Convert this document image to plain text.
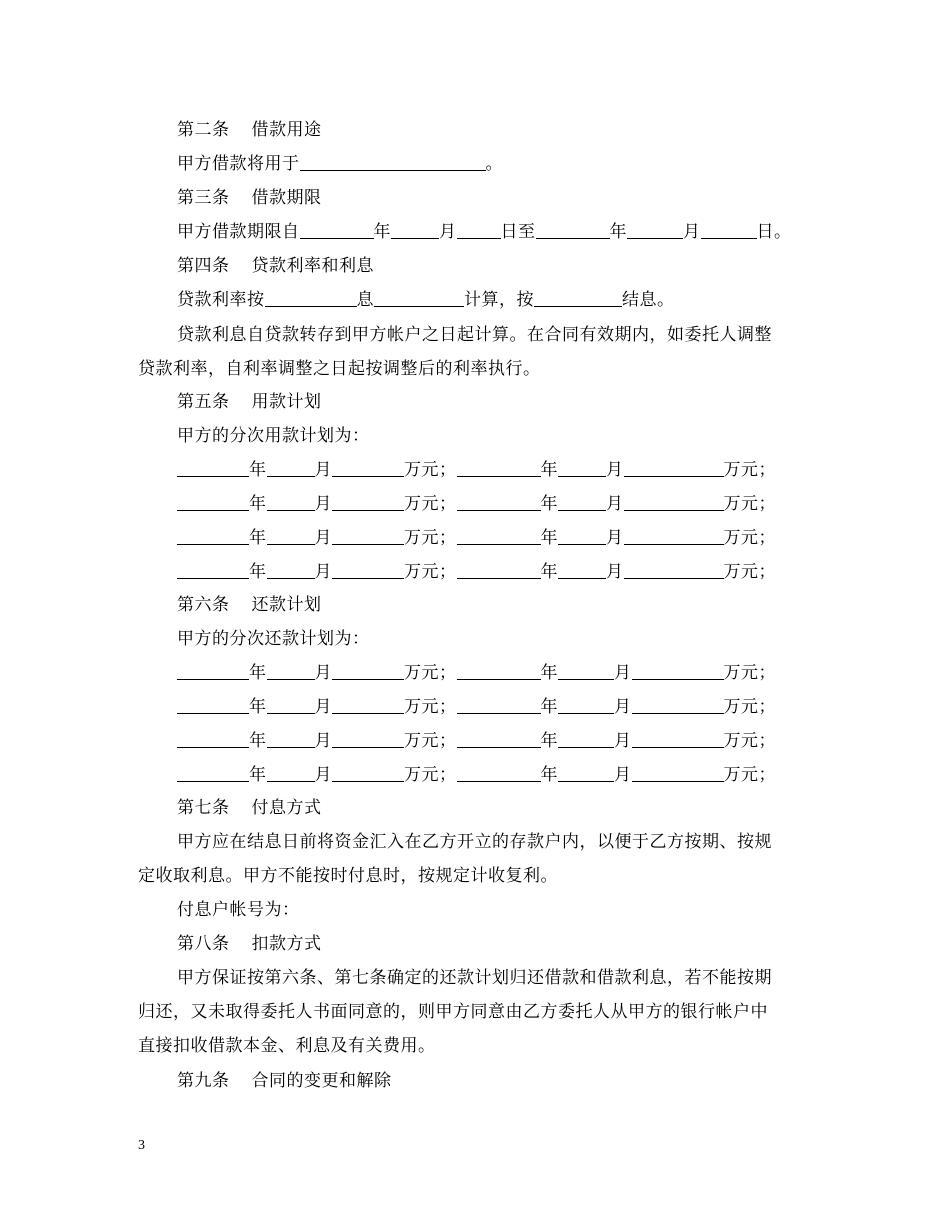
第二条 借款用途
甲方借款将用于	。
第三条 借款期限
甲方借款期限自	年	月	日至	年	月	日。
第四条 贷款利率和利息
贷款利率按	息	计算，按	结息。
贷款利息自贷款转存到甲方帐户之日起计算。在合同有效期内，如委托人调整
贷款利率，自利率调整之日起按调整后的利率执行。
第五条 用款计划
甲方的分次用款计划为：
年	月	万元；	年	月	万元；
年	月	万元；	年	月	万元；
年	月	万元；	年	月	万元；
年	月	万元；	年	月	万元；
第六条 还款计划
甲方的分次还款计划为：
年	月	万元；	年	月	万元；
年	月	万元；	年	月	万元；
年	月	万元；	年	月	万元；
年	月	万元；	年	月	万元；
第七条 付息方式
甲方应在结息日前将资金汇入在乙方开立的存款户内，以便于乙方按期、按规
定收取利息。甲方不能按时付息时，按规定计收复利。
付息户帐号为：
第八条 扣款方式
甲方保证按第六条、第七条确定的还款计划归还借款和借款利息，若不能按期
归还，又未取得委托人书面同意的，则甲方同意由乙方委托人从甲方的银行帐户中
直接扣收借款本金、利息及有关费用。
第九条 合同的变更和解除
3
